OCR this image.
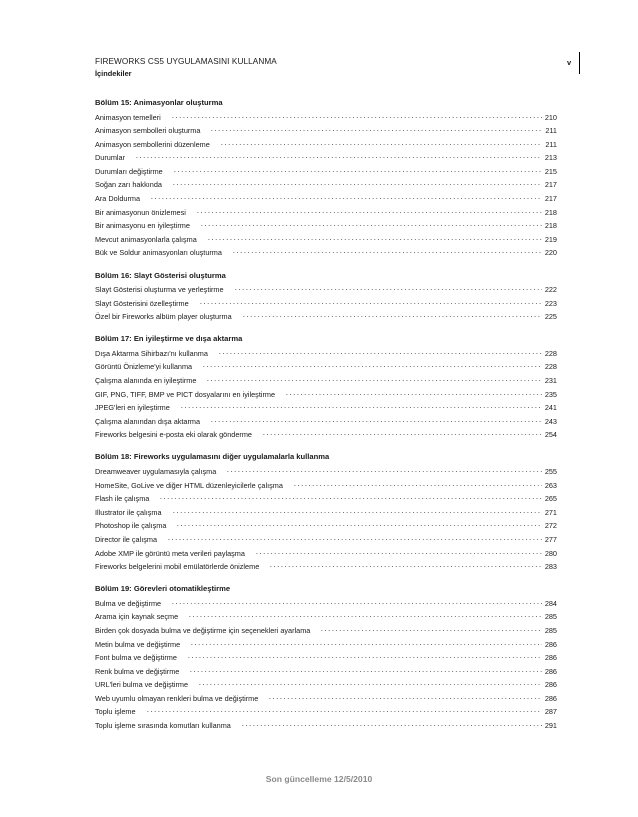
FIREWORKS CS5 UYGULAMASINI KULLANMA
İçindekiler
v
Bölüm 15: Animasyonlar oluşturma
Animasyon temelleri	210
Animasyon sembolleri oluşturma	211
Animasyon sembollerini düzenleme	211
Durumlar	213
Durumları değiştirme	215
Soğan zarı hakkında	217
Ara Doldurma	217
Bir animasyonun önizlemesi	218
Bir animasyonu en iyileştirme	218
Mevcut animasyonlarla çalışma	219
Bük ve Soldur animasyonları oluşturma	220
Bölüm 16: Slayt Gösterisi oluşturma
Slayt Gösterisi oluşturma ve yerleştirme	222
Slayt Gösterisini özelleştirme	223
Özel bir Fireworks albüm player oluşturma	225
Bölüm 17: En iyileştirme ve dışa aktarma
Dışa Aktarma Sihirbazı'nı kullanma	228
Görüntü Önizleme'yi kullanma	228
Çalışma alanında en iyileştirme	231
GIF, PNG, TIFF, BMP ve PICT dosyalarını en iyileştirme	235
JPEG'leri en iyileştirme	241
Çalışma alanından dışa aktarma	243
Fireworks belgesini e-posta eki olarak gönderme	254
Bölüm 18: Fireworks uygulamasını diğer uygulamalarla kullanma
Dreamweaver uygulamasıyla çalışma	255
HomeSite, GoLive ve diğer HTML düzenleyicilerle çalışma	263
Flash ile çalışma	265
Illustrator ile çalışma	271
Photoshop ile çalışma	272
Director ile çalışma	277
Adobe XMP ile görüntü meta verileri paylaşma	280
Fireworks belgelerini mobil emülatörlerde önizleme	283
Bölüm 19: Görevleri otomatikleştirme
Bulma ve değiştirme	284
Arama için kaynak seçme	285
Birden çok dosyada bulma ve değiştirme için seçenekleri ayarlama	285
Metin bulma ve değiştirme	286
Font bulma ve değiştirme	286
Renk bulma ve değiştirme	286
URL'leri bulma ve değiştirme	286
Web uyumlu olmayan renkleri bulma ve değiştirme	286
Toplu işleme	287
Toplu işleme sırasında komutları kullanma	291
Son güncelleme 12/5/2010
